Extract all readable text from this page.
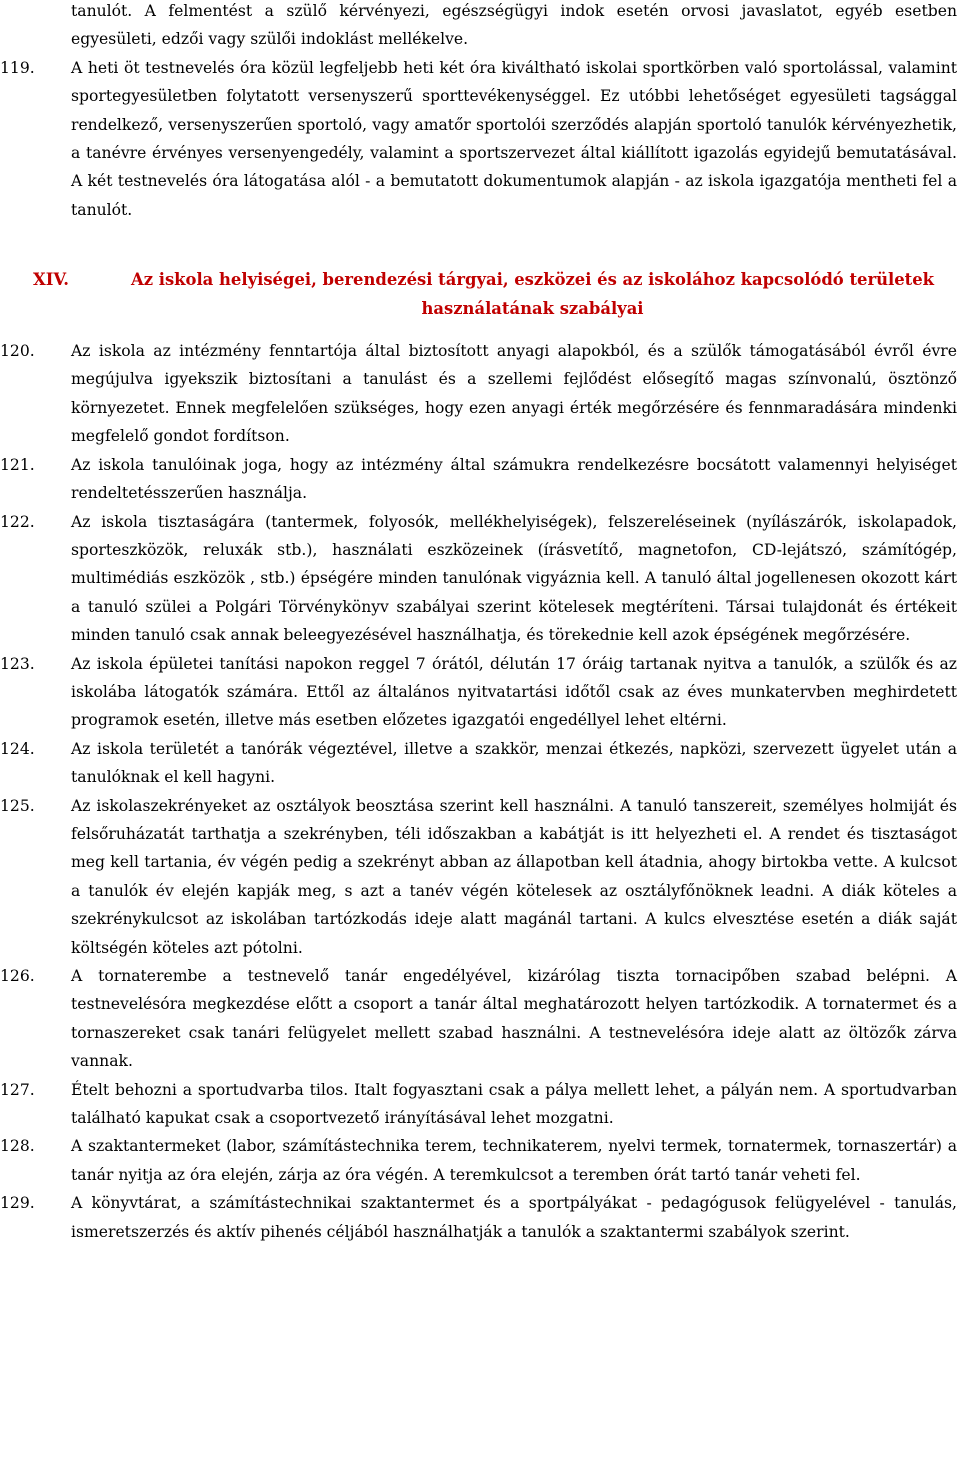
tanulót. A felmentést a szülő kérvényezi, egészségügyi indok esetén orvosi javaslatot, egyéb esetben egyesületi, edzői vagy szülői indoklást mellékelve.

119. A heti öt testnevelés óra közül legfeljebb heti két óra kiváltható iskolai sportkörben való sportolással, valamint sportegyesületben folytatott versenyszerű sporttevékenységgel. Ez utóbbi lehetőséget egyesületi tagsággal rendelkező, versenyszerűen sportoló, vagy amatőr sportolói szerződés alapján sportoló tanulók kérvényezhetik, a tanévre érvényes versenyengedély, valamint a sportszervezet által kiállított igazolás egyidejű bemutatásával. A két testnevelés óra látogatása alól - a bemutatott dokumentumok alapján - az iskola igazgatója mentheti fel a tanulót.
XIV.	Az iskola helyiségei, berendezési tárgyai, eszközei és az iskolához kapcsolódó területek használatának szabályai
120. Az iskola az intézmény fenntartója által biztosított anyagi alapokból, és a szülők támogatásából évről évre megújulva igyekszik biztosítani a tanulást és a szellemi fejlődést elősegítő magas színvonalú, ösztönző környezetet. Ennek megfelelően szükséges, hogy ezen anyagi érték megőrzésére és fennmaradására mindenki megfelelő gondot fordítson.
121. Az iskola tanulóinak joga, hogy az intézmény által számukra rendelkezésre bocsátott valamennyi helyiséget rendeltetésszerűen használja.
122. Az iskola tisztaságára (tantermek, folyosók, mellékhelyiségek), felszereléseinek (nyílászárók, iskolapadok, sporteszközök, reluxák stb.), használati eszközeinek (írásvetítő, magnetofon, CD-lejátszó, számítógép, multimédiás eszközök , stb.) épségére minden tanulónak vigyáznia kell. A tanuló által jogellenesen okozott kárt a tanuló szülei a Polgári Törvénykönyv szabályai szerint kötelesek megtéríteni. Társai tulajdonát és értékeit minden tanuló csak annak beleegyezésével használhatja, és törekednie kell azok épségének megőrzésére.
123. Az iskola épületei tanítási napokon reggel 7 órától, délután 17 óráig tartanak nyitva a tanulók, a szülők és az iskolába látogatók számára. Ettől az általános nyitvatartási időtől csak az éves munkatervben meghirdetett programok esetén, illetve más esetben előzetes igazgatói engedéllyel lehet eltérni.
124. Az iskola területét a tanórák végeztével, illetve a szakkör, menzai étkezés, napközi, szervezett ügyelet után a tanulóknak el kell hagyni.
125. Az iskolaszekrényeket az osztályok beosztása szerint kell használni. A tanuló tanszereit, személyes holmiját és felsőruházatát tarthatja a szekrényben, téli időszakban a kabátját is itt helyezheti el. A rendet és tisztaságot meg kell tartania, év végén pedig a szekrényt abban az állapotban kell átadnia, ahogy birtokba vette. A kulcsot a tanulók év elején kapják meg, s azt a tanév végén kötelesek az osztályfőnöknek leadni. A diák köteles a szekrénykulcsot az iskolában tartózkodás ideje alatt magánál tartani. A kulcs elvesztése esetén a diák saját költségén köteles azt pótolni.
126. A tornaterembe a testnevelő tanár engedélyével, kizárólag tiszta tornacipőben szabad belépni. A testnevelésóra megkezdése előtt a csoport a tanár által meghatározott helyen tartózkodik. A tornatermet és a tornaszereket csak tanári felügyelet mellett szabad használni. A testnevelésóra ideje alatt az öltözők zárva vannak.
127. Ételt behozni a sportudvarba tilos. Italt fogyasztani csak a pálya mellett lehet, a pályán nem. A sportudvarban található kapukat csak a csoportvezető irányításával lehet mozgatni.
128. A szaktantermeket (labor, számítástechnika terem, technikaterem, nyelvi termek, tornatermek, tornaszertár) a tanár nyitja az óra elején, zárja az óra végén. A teremkulcsot a teremben órát tartó tanár veheti fel.
129. A könyvtárat, a számítástechnikai szaktantermet és a sportpályákat - pedagógusok felügyelével - tanulás, ismeretszerzés és aktív pihenés céljából használhatják a tanulók a szaktantermi szabályok szerint.
